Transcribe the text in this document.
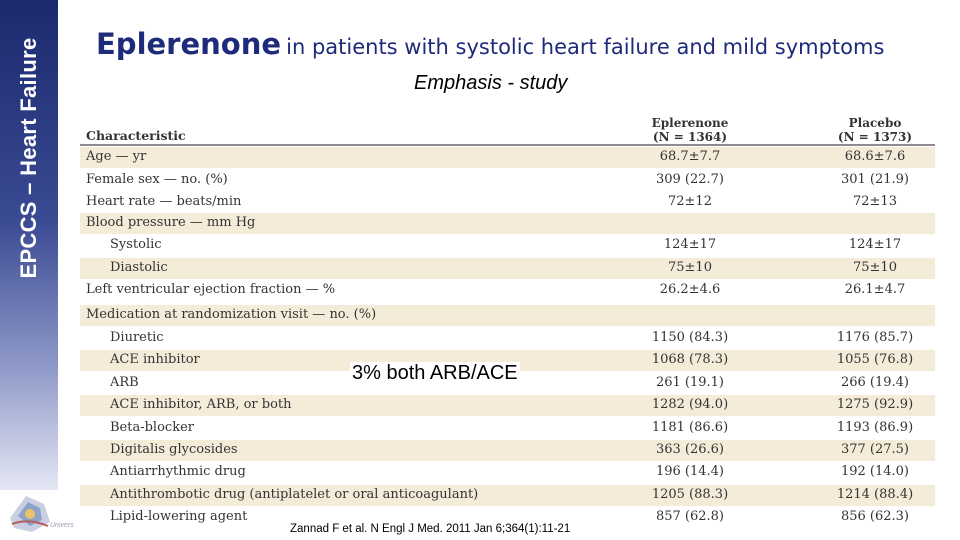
EPCCS – Heart Failure
Univers
Eplerenone in patients with systolic heart failure and mild symptoms
Emphasis - study
Eplerenone
(N = 1364)
Placebo
(N = 1373)
Characteristic
Age — yr	68.7±7.7	68.6±7.6
Female sex — no. (%)	309 (22.7)	301 (21.9)
Heart rate — beats/min	72±12	72±13
Blood pressure — mm Hg
Systolic	124±17	124±17
Diastolic	75±10	75±10
Left ventricular ejection fraction — %	26.2±4.6	26.1±4.7
Medication at randomization visit — no. (%)
Diuretic	1150 (84.3)	1176 (85.7)
ACE inhibitor	1068 (78.3)	1055 (76.8)
ARB	261 (19.1)	266 (19.4)
ACE inhibitor, ARB, or both	1282 (94.0)	1275 (92.9)
Beta-blocker	1181 (86.6)	1193 (86.9)
Digitalis glycosides	363 (26.6)	377 (27.5)
Antiarrhythmic drug	196 (14.4)	192 (14.0)
Antithrombotic drug (antiplatelet or oral anticoagulant)	1205 (88.3)	1214 (88.4)
Lipid-lowering agent	857 (62.8)	856 (62.3)
3% both ARB/ACE
Zannad F et al. N Engl J Med. 2011 Jan 6;364(1):11-21
